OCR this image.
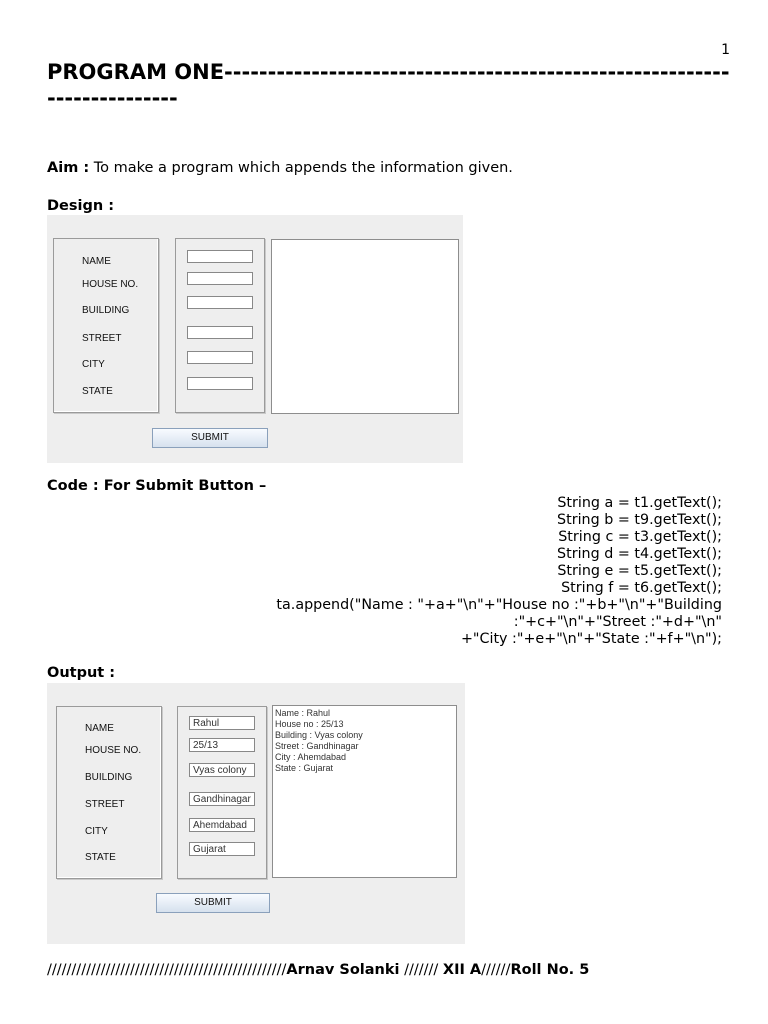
1
PROGRAM ONE-------------------------------------------------------------------------
Aim : To make a program which appends the information given.
Design :
NAME
HOUSE NO.
BUILDING
STREET
CITY
STATE
SUBMIT
Code : For Submit Button –
String a = t1.getText();
String b = t9.getText();
String c = t3.getText();
String d = t4.getText();
String e = t5.getText();
String f = t6.getText();
ta.append("Name : "+a+"\n"+"House no :"+b+"\n"+"Building
:"+c+"\n"+"Street :"+d+"\n"
+"City :"+e+"\n"+"State :"+f+"\n");
Output :
NAME
HOUSE NO.
BUILDING
STREET
CITY
STATE
Rahul
25/13
Vyas colony
Gandhinagar
Ahemdabad
Gujarat
Name : Rahul
House no : 25/13
Building : Vyas colony
Street : Gandhinagar
City : Ahemdabad
State : Gujarat
SUBMIT
/////////////////////////////////////////////////Arnav Solanki /////// XII A//////Roll No. 5
